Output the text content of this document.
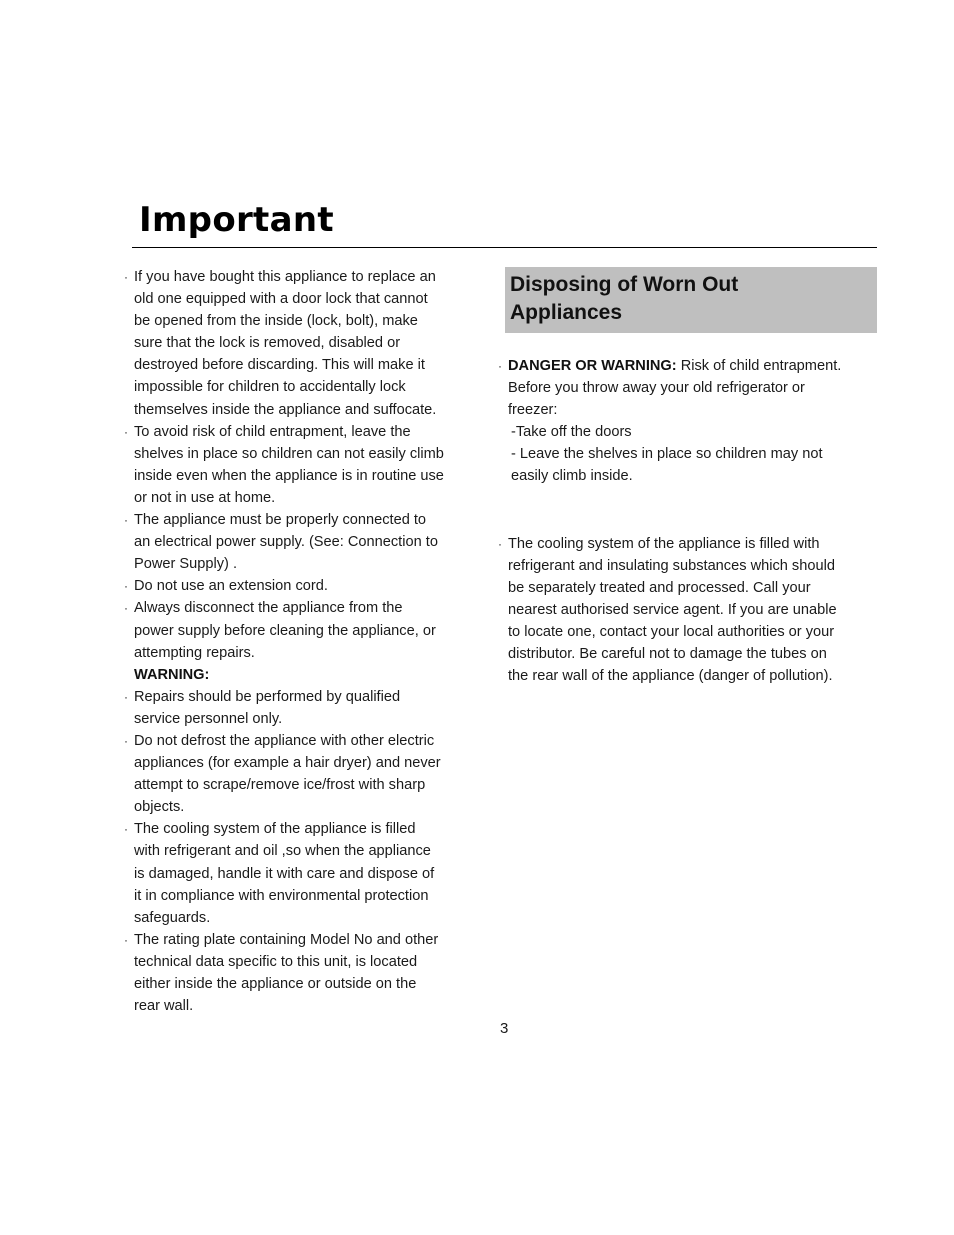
Important
· If you have bought this appliance to replace an old one equipped with a door lock that cannot be opened from the inside (lock, bolt), make sure that the lock is removed, disabled or destroyed before discarding. This will make it impossible for children to accidentally lock themselves inside the appliance and suffocate.
· To avoid risk of child entrapment, leave the shelves in place so children can not easily climb inside even when the appliance is in routine use or not in use at home.
· The appliance must be properly connected to an electrical power supply. (See: Connection to Power Supply) .
· Do not use an extension cord.
· Always disconnect the appliance from the power supply before cleaning the appliance, or attempting repairs.
WARNING:
· Repairs should be performed by qualified service personnel only.
· Do not defrost the appliance with other electric appliances (for example a hair dryer) and never attempt to scrape/remove ice/frost with sharp objects.
· The cooling system of the appliance is filled with refrigerant and oil ,so when the appliance is damaged, handle it with care and dispose of it in compliance with environmental protection safeguards.
· The rating plate containing Model No and other technical data specific to this unit, is located either inside the appliance or outside on the rear wall.
Disposing of Worn Out Appliances
· DANGER OR WARNING: Risk of child entrapment. Before you throw away your old refrigerator or freezer:
-Take off the doors
- Leave the shelves in place so children may not easily climb inside.
· The cooling system of the appliance is filled with refrigerant and insulating substances which should be separately treated and processed. Call your nearest authorised service agent. If you are unable to locate one, contact your local authorities or your distributor. Be careful not to damage the tubes on the rear wall of the appliance (danger of pollution).
3
